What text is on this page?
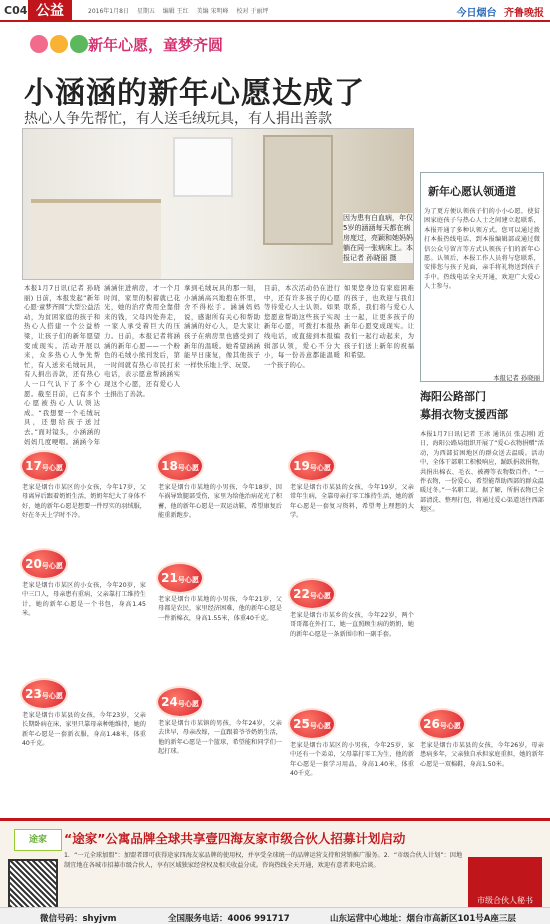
C04 公益	2016年1月8日 星期五 编辑 王红 美编 宋明峰 校对 于丽坪	今日烟台 齐鲁晚报
新年心愿，童梦齐圆
小涵涵的新年心愿达成了
热心人争先帮忙，有人送毛绒玩具，有人捐出善款
因为患有白血病，年仅5岁的涵涵每天都在病房度过，亮颖和她妈妈躺在同一张病床上。本报记者 孙晓丽 摄
本报1月7日讯(记者 孙晓丽) 日前，本报发起“新年心愿·童梦齐圆”大型公益活动，为贫困家庭的孩子和热心人搭建一个公益桥梁，让孩子们的新年愿望变成现实。活动开展以来，众多热心人争先帮忙，有人送来毛绒玩具，有人捐出善款，还有热心人一口气认下了多个心愿。截至目前，已有多个心愿被热心人认领达成。“我想要一个毛绒玩具，还想给孩子送过去。”面对镜头，小涵涵的妈妈几度哽咽。涵涵今年
涵涵住进病房，才一个月时间，家里的积蓄就已花光，她的治疗费用全靠借来的钱，父母四处奔走，一家人承受着巨大的压力。日前，本报记者将涵涵的新年心愿——一个粉色的毛绒小熊刊发后，第一时间就有热心市民打来电话，表示愿意帮涵涵实现这个心愿，还有爱心人士捐出了善款。
拿到毛绒玩具的那一刻，小涵涵高兴地抱在怀里，舍不得松手。涵涵妈妈说，感谢所有关心和帮助涵涵的好心人，是大家让孩子在病房里也感受到了新年的温暖。她希望涵涵能早日康复，像其他孩子一样快乐地上学、玩耍。
目前，本次活动仍在进行中，还有许多孩子的心愿等待爱心人士认领。如果您愿意帮助这些孩子实现新年心愿，可拨打本报热线电话，或直接到本报编辑部认领，爱心不分大小，每一份善意都能温暖一个孩子的心。
如果您身边有家庭困难的孩子，也欢迎与我们联系，我们将与爱心人士一起，让更多孩子的新年心愿变成现实。让我们一起行动起来，为孩子们送上新年的祝福和希望。
新年心愿认领通道
为了更方便认领孩子们的小小心愿，使贫困家庭孩子与热心人士之间建立起联系，本报开通了多种认领方式。您可以通过拨打本报热线电话、到本报编辑部或通过微信公众号留言等方式认领孩子们的新年心愿。认领后，本报工作人员将与您联系，安排您与孩子见面，亲手将礼物送到孩子手中。热线电话全天开通，欢迎广大爱心人士参与。
本报记者 孙晓丽
海阳公路部门
募捐衣物支援西部
本报1月7日讯(记者 王冰 通讯员 张志刚) 近日，海阳公路局组织开展了“爱心衣物捐赠”活动，为西部贫困地区的群众送去温暖。活动中，全体干部职工积极响应，踊跃捐款捐物，共捐出棉衣、毛衣、被褥等衣物数百件。“一件衣物，一份爱心，希望能帮助西部的群众温暖过冬。”一名职工说。据了解，所捐衣物已全部清洗、整理打包，将通过爱心渠道送往西部地区。
17号心愿
老家是烟台市某区的小女孩，今年17岁，父母离异后跟着奶奶生活，奶奶年纪大了身体不好，她的新年心愿是想要一件厚实的羽绒服，好在冬天上学时不冷。
18号心愿
老家是烟台市某地的小男孩，今年18岁，因车祸导致腿部受伤，家里为给他治病花光了积蓄，他的新年心愿是一双运动鞋，希望康复后能重新跑步。
19号心愿
老家是烟台市某县的女孩，今年19岁，父亲常年生病，全靠母亲打零工维持生活，她的新年心愿是一套复习资料，希望考上理想的大学。
20号心愿
老家是烟台市某区的小女孩，今年20岁，家中三口人，母亲患有重病，父亲靠打工维持生计，她的新年心愿是一个书包，身高1.45米。
21号心愿
老家是烟台市某地的小男孩，今年21岁，父母都是农民，家里经济困难，他的新年心愿是一件新棉衣，身高1.55米，体重40千克。
22号心愿
老家是烟台市某乡的女孩，今年22岁，两个哥哥都在外打工，她一直照顾生病的奶奶，她的新年心愿是一条新围巾和一副手套。
23号心愿
老家是烟台市某县的女孩，今年23岁，父亲长期卧病在床，家里只靠母亲种地维持，她的新年心愿是一套新衣服，身高1.48米，体重40千克。
24号心愿
老家是烟台市某镇的男孩，今年24岁，父亲去世早，母亲改嫁，一直跟着爷爷奶奶生活，他的新年心愿是一个篮球，希望能和同学们一起打球。
25号心愿
老家是烟台市某区的小男孩，今年25岁，家中还有一个弟弟，父母靠打零工为生，他的新年心愿是一套学习用品，身高1.40米，体重40千克。
26号心愿
老家是烟台市某县的女孩，今年26岁，母亲患病多年，父亲独自承担家庭重担，她的新年心愿是一双棉鞋，身高1.50米。
途家	“途家”公寓品牌全球共享壹四海友家市级合伙人招募计划启动
1．“一元全球加盟”：加盟者即可获得途家四海友家品牌的使用权，并享受全球统一的品牌运营支持和营销推广服务。2．“市级合伙人计划”：因地制宜地在各城市招募市级合伙人，享有区域独家经营权及相关收益分成。咨询热线全天开通，欢迎有意者来电洽谈。
市级合伙人秘书
微信号码：shyjvm	全国服务电话：4006 991717	山东运营中心地址：烟台市高新区101号A座三层
